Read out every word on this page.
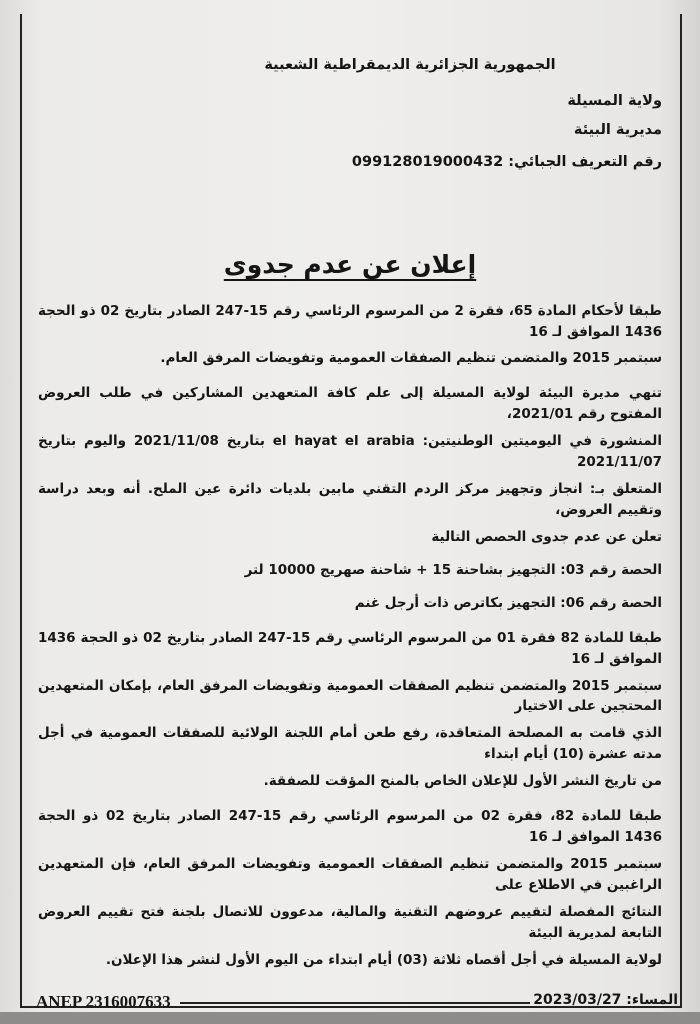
الجمهورية الجزائرية الديمقراطية الشعبية
ولاية المسيلة
مديرية البيئة
رقم التعريف الجبائي: 099128019000432
إعلان عن عدم جدوى
طبقا لأحكام المادة 65، فقرة 2 من المرسوم الرئاسي رقم 15-247 الصادر بتاريخ 02 ذو الحجة 1436 الموافق لـ 16
سبتمبر 2015 والمتضمن تنظيم الصفقات العمومية وتفويضات المرفق العام.
تنهي مديرة البيئة لولاية المسيلة إلى علم كافة المتعهدين المشاركين في طلب العروض المفتوح رقم 2021/01،
المنشورة في اليوميتين الوطنيتين: el hayat el arabia بتاريخ 2021/11/08 واليوم بتاريخ 2021/11/07
المتعلق بـ: انجاز وتجهيز مركز الردم التقني مابين بلديات دائرة عين الملح. أنه وبعد دراسة وتقييم العروض،
تعلن عن عدم جدوى الحصص التالية
الحصة رقم 03: التجهيز بشاحنة 15 + شاحنة صهريج 10000 لتر
الحصة رقم 06: التجهيز بكاترص ذات أرجل غنم
طبقا للمادة 82 فقرة 01 من المرسوم الرئاسي رقم 15-247 الصادر بتاريخ 02 ذو الحجة 1436 الموافق لـ 16
سبتمبر 2015 والمتضمن تنظيم الصفقات العمومية وتفويضات المرفق العام، بإمكان المتعهدين المحتجين على الاختيار
الذي قامت به المصلحة المتعاقدة، رفع طعن أمام اللجنة الولائية للصفقات العمومية في أجل مدته عشرة (10) أيام ابتداء
من تاريخ النشر الأول للإعلان الخاص بالمنح المؤقت للصفقة.
طبقا للمادة 82، فقرة 02 من المرسوم الرئاسي رقم 15-247 الصادر بتاريخ 02 ذو الحجة 1436 الموافق لـ 16
سبتمبر 2015 والمتضمن تنظيم الصفقات العمومية وتفويضات المرفق العام، فإن المتعهدين الراغبين في الاطلاع على
النتائج المفصلة لتقييم عروضهم التقنية والمالية، مدعوون للاتصال بلجنة فتح تقييم العروض التابعة لمديرية البيئة
لولاية المسيلة في أجل أقصاه ثلاثة (03) أيام ابتداء من اليوم الأول لنشر هذا الإعلان.
ANEP 2316007633	المساء: 2023/03/27
